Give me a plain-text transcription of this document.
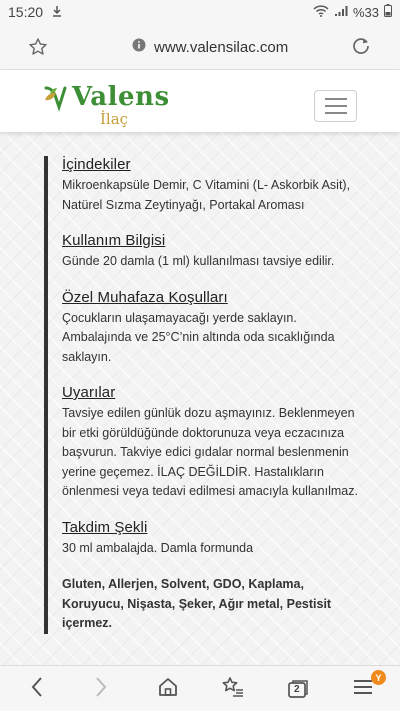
15:20	%33
www.valensilac.com
Valens
İlaç
İçindekiler

Mikroenkapsüle Demir, C Vitamini (L- Askorbik Asit), Natürel Sızma Zeytinyağı, Portakal Aroması

Kullanım Bilgisi

Günde 20 damla (1 ml) kullanılması tavsiye edilir.

Özel Muhafaza Koşulları

Çocukların ulaşamayacağı yerde saklayın. Ambalajında ve 25°C’nin altında oda sıcaklığında saklayın.

Uyarılar

Tavsiye edilen günlük dozu aşmayınız. Beklenmeyen bir etki görüldüğünde doktorunuza veya eczacınıza başvurun. Takviye edici gıdalar normal beslenmenin yerine geçemez. İLAÇ DEĞİLDİR. Hastalıkların önlenmesi veya tedavi edilmesi amacıyla kullanılmaz.

Takdim Şekli

30 ml ambalajda. Damla formunda

Gluten, Allerjen, Solvent, GDO, Kaplama, Koruyucu, Nişasta, Şeker, Ağır metal, Pestisit içermez.

2
Y
